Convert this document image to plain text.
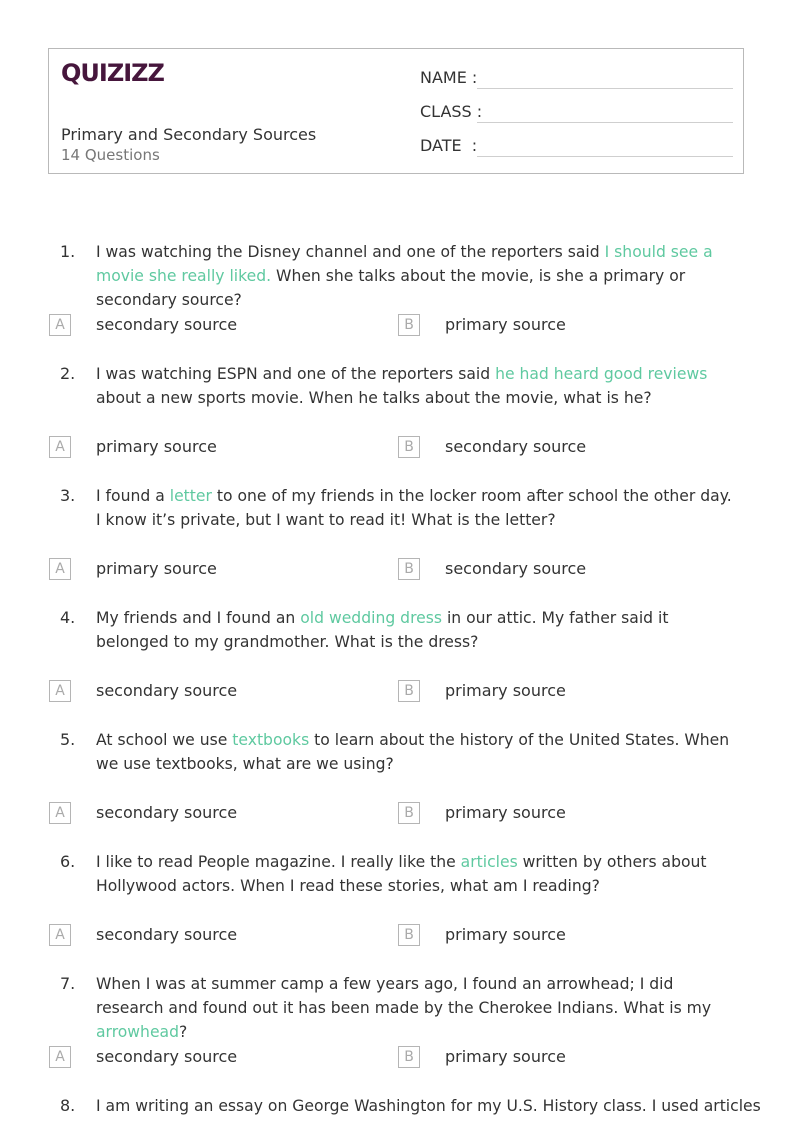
QUIZIZZ
Primary and Secondary Sources
14 Questions
NAME :
CLASS :
DATE  :
1. I was watching the Disney channel and one of the reporters said I should see a movie she really liked. When she talks about the movie, is she a primary or secondary source?
A	secondary source	B	primary source
2. I was watching ESPN and one of the reporters said he had heard good reviews about a new sports movie. When he talks about the movie, what is he?
A	primary source	B	secondary source
3. I found a letter to one of my friends in the locker room after school the other day. I know it’s private, but I want to read it! What is the letter?
A	primary source	B	secondary source
4. My friends and I found an old wedding dress in our attic. My father said it belonged to my grandmother. What is the dress?
A	secondary source	B	primary source
5. At school we use textbooks to learn about the history of the United States. When we use textbooks, what are we using?
A	secondary source	B	primary source
6. I like to read People magazine. I really like the articles written by others about Hollywood actors. When I read these stories, what am I reading?
A	secondary source	B	primary source
7. When I was at summer camp a few years ago, I found an arrowhead; I did research and found out it has been made by the Cherokee Indians. What is my arrowhead?
A	secondary source	B	primary source
8. I am writing an essay on George Washington for my U.S. History class. I used articles
